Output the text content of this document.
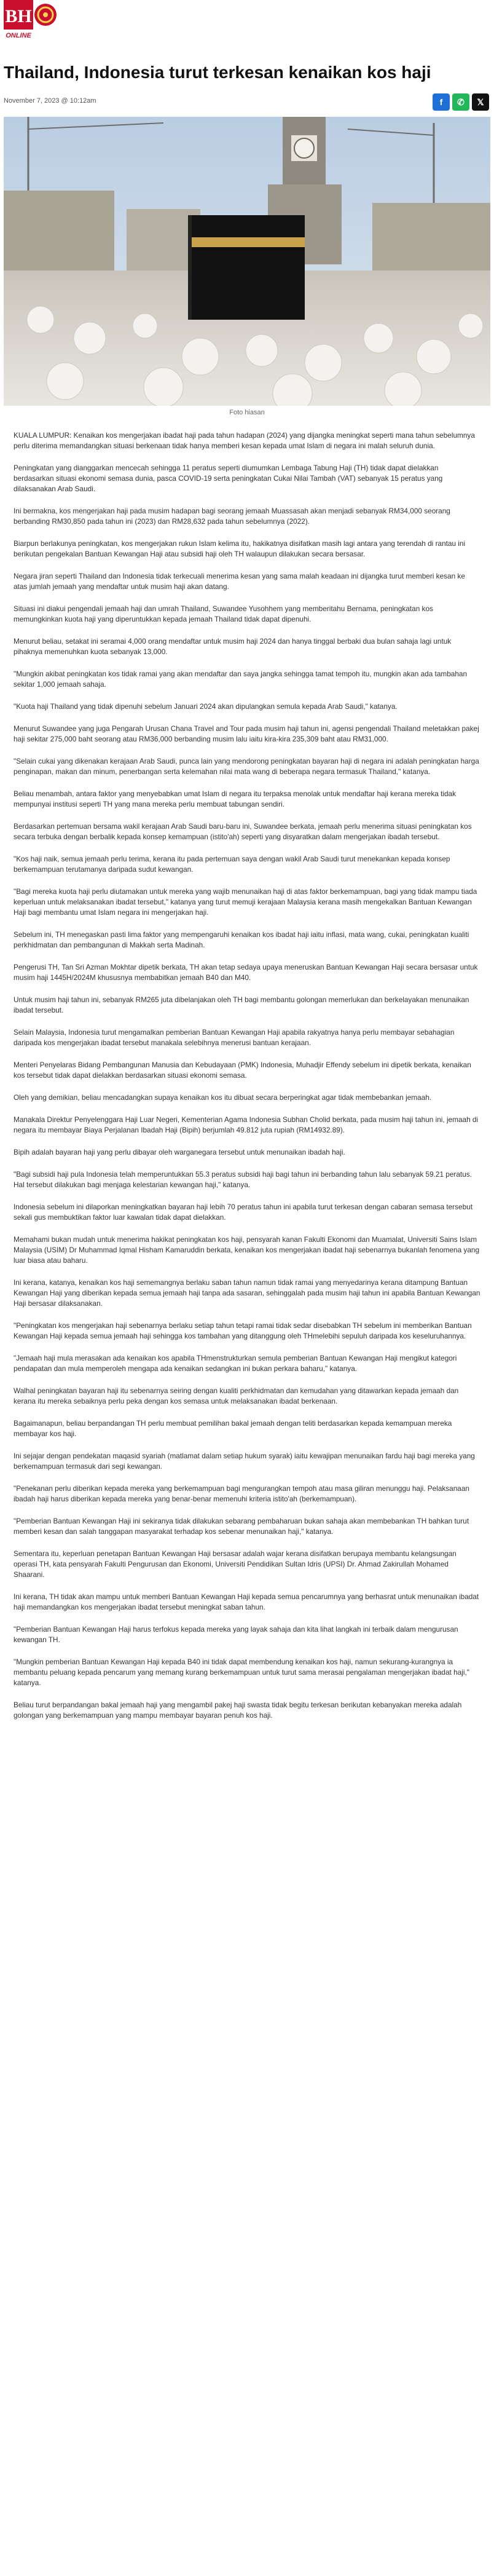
BH
ONLINE
Thailand, Indonesia turut terkesan kenaikan kos haji
November 7, 2023 @ 10:12am	f	✆	𝕏
Foto hiasan

KUALA LUMPUR: Kenaikan kos mengerjakan ibadat haji pada tahun hadapan (2024) yang dijangka meningkat seperti mana tahun sebelumnya perlu diterima memandangkan situasi berkenaan tidak hanya memberi kesan kepada umat Islam di negara ini malah seluruh dunia.

Peningkatan yang dianggarkan mencecah sehingga 11 peratus seperti diumumkan Lembaga Tabung Haji (TH) tidak dapat dielakkan berdasarkan situasi ekonomi semasa dunia, pasca COVID-19 serta peningkatan Cukai Nilai Tambah (VAT) sebanyak 15 peratus yang dilaksanakan Arab Saudi.

Ini bermakna, kos mengerjakan haji pada musim hadapan bagi seorang jemaah Muassasah akan menjadi sebanyak RM34,000 seorang berbanding RM30,850 pada tahun ini (2023) dan RM28,632 pada tahun sebelumnya (2022).

Biarpun berlakunya peningkatan, kos mengerjakan rukun Islam kelima itu, hakikatnya disifatkan masih lagi antara yang terendah di rantau ini berikutan pengekalan Bantuan Kewangan Haji atau subsidi haji oleh TH walaupun dilakukan secara bersasar.

Negara jiran seperti Thailand dan Indonesia tidak terkecuali menerima kesan yang sama malah keadaan ini dijangka turut memberi kesan ke atas jumlah jemaah yang mendaftar untuk musim haji akan datang.

Situasi ini diakui pengendali jemaah haji dan umrah Thailand, Suwandee Yusohhem yang memberitahu Bernama, peningkatan kos memungkinkan kuota haji yang diperuntukkan kepada jemaah Thailand tidak dapat dipenuhi.

Menurut beliau, setakat ini seramai 4,000 orang mendaftar untuk musim haji 2024 dan hanya tinggal berbaki dua bulan sahaja lagi untuk pihaknya memenuhkan kuota sebanyak 13,000.

"Mungkin akibat peningkatan kos tidak ramai yang akan mendaftar dan saya jangka sehingga tamat tempoh itu, mungkin akan ada tambahan sekitar 1,000 jemaah sahaja.

"Kuota haji Thailand yang tidak dipenuhi sebelum Januari 2024 akan dipulangkan semula kepada Arab Saudi," katanya.

Menurut Suwandee yang juga Pengarah Urusan Chana Travel and Tour pada musim haji tahun ini, agensi pengendali Thailand meletakkan pakej haji sekitar 275,000 baht seorang atau RM36,000 berbanding musim lalu iaitu kira-kira 235,309 baht atau RM31,000.

"Selain cukai yang dikenakan kerajaan Arab Saudi, punca lain yang mendorong peningkatan bayaran haji di negara ini adalah peningkatan harga penginapan, makan dan minum, penerbangan serta kelemahan nilai mata wang di beberapa negara termasuk Thailand," katanya.

Beliau menambah, antara faktor yang menyebabkan umat Islam di negara itu terpaksa menolak untuk mendaftar haji kerana mereka tidak mempunyai institusi seperti TH yang mana mereka perlu membuat tabungan sendiri.

Berdasarkan pertemuan bersama wakil kerajaan Arab Saudi baru-baru ini, Suwandee berkata, jemaah perlu menerima situasi peningkatan kos secara terbuka dengan berbalik kepada konsep kemampuan (istito'ah) seperti yang disyaratkan dalam mengerjakan ibadah tersebut.

"Kos haji naik, semua jemaah perlu terima, kerana itu pada pertemuan saya dengan wakil Arab Saudi turut menekankan kepada konsep berkemampuan terutamanya daripada sudut kewangan.

"Bagi mereka kuota haji perlu diutamakan untuk mereka yang wajib menunaikan haji di atas faktor berkemampuan, bagi yang tidak mampu tiada keperluan untuk melaksanakan ibadat tersebut," katanya yang turut memuji kerajaan Malaysia kerana masih mengekalkan Bantuan Kewangan Haji bagi membantu umat Islam negara ini mengerjakan haji.

Sebelum ini, TH menegaskan pasti lima faktor yang mempengaruhi kenaikan kos ibadat haji iaitu inflasi, mata wang, cukai, peningkatan kualiti perkhidmatan dan pembangunan di Makkah serta Madinah.

Pengerusi TH, Tan Sri Azman Mokhtar dipetik berkata, TH akan tetap sedaya upaya meneruskan Bantuan Kewangan Haji secara bersasar untuk musim haji 1445H/2024M khususnya membabitkan jemaah B40 dan M40.

Untuk musim haji tahun ini, sebanyak RM265 juta dibelanjakan oleh TH bagi membantu golongan memerlukan dan berkelayakan menunaikan ibadat tersebut.

Selain Malaysia, Indonesia turut mengamalkan pemberian Bantuan Kewangan Haji apabila rakyatnya hanya perlu membayar sebahagian daripada kos mengerjakan ibadat tersebut manakala selebihnya menerusi bantuan kerajaan.

Menteri Penyelaras Bidang Pembangunan Manusia dan Kebudayaan (PMK) Indonesia, Muhadjir Effendy sebelum ini dipetik berkata, kenaikan kos tersebut tidak dapat dielakkan berdasarkan situasi ekonomi semasa.

Oleh yang demikian, beliau mencadangkan supaya kenaikan kos itu dibuat secara berperingkat agar tidak membebankan jemaah.

Manakala Direktur Penyelenggara Haji Luar Negeri, Kementerian Agama Indonesia Subhan Cholid berkata, pada musim haji tahun ini, jemaah di negara itu membayar Biaya Perjalanan Ibadah Haji (Bipih) berjumlah 49.812 juta rupiah (RM14932.89).

Bipih adalah bayaran haji yang perlu dibayar oleh warganegara tersebut untuk menunaikan ibadah haji.

"Bagi subsidi haji pula Indonesia telah memperuntukkan 55.3 peratus subsidi haji bagi tahun ini berbanding tahun lalu sebanyak 59.21 peratus. Hal tersebut dilakukan bagi menjaga kelestarian kewangan haji," katanya.

Indonesia sebelum ini dilaporkan meningkatkan bayaran haji lebih 70 peratus tahun ini apabila turut terkesan dengan cabaran semasa tersebut sekali gus membuktikan faktor luar kawalan tidak dapat dielakkan.

Memahami bukan mudah untuk menerima hakikat peningkatan kos haji, pensyarah kanan Fakulti Ekonomi dan Muamalat, Universiti Sains Islam Malaysia (USIM) Dr Muhammad Iqmal Hisham Kamaruddin berkata, kenaikan kos mengerjakan ibadat haji sebenarnya bukanlah fenomena yang luar biasa atau baharu.

Ini kerana, katanya, kenaikan kos haji sememangnya berlaku saban tahun namun tidak ramai yang menyedarinya kerana ditampung Bantuan Kewangan Haji yang diberikan kepada semua jemaah haji tanpa ada sasaran, sehinggalah pada musim haji tahun ini apabila Bantuan Kewangan Haji bersasar dilaksanakan.

"Peningkatan kos mengerjakan haji sebenarnya berlaku setiap tahun tetapi ramai tidak sedar disebabkan TH sebelum ini memberikan Bantuan Kewangan Haji kepada semua jemaah haji sehingga kos tambahan yang ditanggung oleh THmelebihi sepuluh daripada kos keseluruhannya.

"Jemaah haji mula merasakan ada kenaikan kos apabila THmenstrukturkan semula pemberian Bantuan Kewangan Haji mengikut kategori pendapatan dan mula memperoleh mengapa ada kenaikan sedangkan ini bukan perkara baharu," katanya.

Walhal peningkatan bayaran haji itu sebenarnya seiring dengan kualiti perkhidmatan dan kemudahan yang ditawarkan kepada jemaah dan kerana itu mereka sebaiknya perlu peka dengan kos semasa untuk melaksanakan ibadat berkenaan.

Bagaimanapun, beliau berpandangan TH perlu membuat pemilihan bakal jemaah dengan teliti berdasarkan kepada kemampuan mereka membayar kos haji.

Ini sejajar dengan pendekatan maqasid syariah (matlamat dalam setiap hukum syarak) iaitu kewajipan menunaikan fardu haji bagi mereka yang berkemampuan termasuk dari segi kewangan.

"Penekanan perlu diberikan kepada mereka yang berkemampuan bagi mengurangkan tempoh atau masa giliran menunggu haji. Pelaksanaan ibadah haji harus diberikan kepada mereka yang benar-benar memenuhi kriteria istito'ah (berkemampuan).

"Pemberian Bantuan Kewangan Haji ini sekiranya tidak dilakukan sebarang pembaharuan bukan sahaja akan membebankan TH bahkan turut memberi kesan dan salah tanggapan masyarakat terhadap kos sebenar menunaikan haji," katanya.

Sementara itu, keperluan penetapan Bantuan Kewangan Haji bersasar adalah wajar kerana disifatkan berupaya membantu kelangsungan operasi TH, kata pensyarah Fakulti Pengurusan dan Ekonomi, Universiti Pendidikan Sultan Idris (UPSI) Dr. Ahmad Zakirullah Mohamed Shaarani.

Ini kerana, TH tidak akan mampu untuk memberi Bantuan Kewangan Haji kepada semua pencarumnya yang berhasrat untuk menunaikan ibadat haji memandangkan kos mengerjakan ibadat tersebut meningkat saban tahun.

"Pemberian Bantuan Kewangan Haji harus terfokus kepada mereka yang layak sahaja dan kita lihat langkah ini terbaik dalam mengurusan kewangan TH.

"Mungkin pemberian Bantuan Kewangan Haji kepada B40 ini tidak dapat membendung kenaikan kos haji, namun sekurang-kurangnya ia membantu peluang kepada pencarum yang memang kurang berkemampuan untuk turut sama merasai pengalaman mengerjakan ibadat haji," katanya.

Beliau turut berpandangan bakal jemaah haji yang mengambil pakej haji swasta tidak begitu terkesan berikutan kebanyakan mereka adalah golongan yang berkemampuan yang mampu membayar bayaran penuh kos haji.
